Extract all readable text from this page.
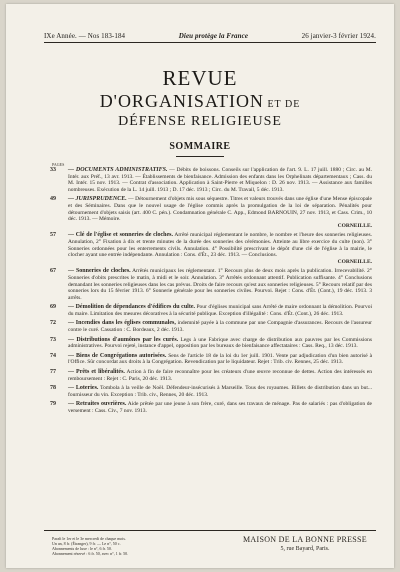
IXe Année. — Nos 183-184	Dieu protège la France	26 janvier-3 février 1924.
REVUE
D'ORGANISATION ET DE
DÉFENSE RELIGIEUSE
SOMMAIRE
PAGES
33 — DOCUMENTS ADMINISTRATIFS. — Débits de boissons. Conseils sur l'application de l'art. 9. L. 17 juill. 1880 ; Circ. au M. Intér. aux Préf., 13 avr. 1913. — Établissements de bienfaisance. Admission des enfants dans les Orphelinats départementaux ; Cass. du M. Intér. 15 nov. 1913. — Contrat d'association. Application à Saint-Pierre et Miquelon : D. 26 nov. 1913. — Assistance aux familles nombreuses. Exécution de la L. 14 juill. 1913 ; D. 17 déc. 1913 ; Circ. du M. Travail, 5 déc. 1913.
49 — JURISPRUDENCE. — Détournement d'objets mis sous séquestre. Titres et valeurs trouvés dans une église d'une Mense épiscopale et des Séminaires. Dans que le nouvel usage de l'église commis après la promulgation de la loi de séparation. Pénalités pour détournement d'objets saisis (art. 400 C. pén.). Condamnation générale C. App., Edmond BARNOUIN, 27 nov. 1913, et Cass. Crim., 10 déc. 1913. — Mémoire.
CORNEILLE.
57 — Clé de l'église et sonneries de cloches. Arrêté municipal réglementant le nombre, le nombre et l'heure des sonneries religieuses. Annulation, 2° Fixation à dix et trente minutes de la durée des sonneries des cérémonies. Atteinte au libre exercice du culte (non). 3° Sonneries ordonnées pour les enterrements civils. Annulation. 4° Possibilité prescrivant le dépôt d'une clé de l'église à la mairie, le clocher ayant une entrée indépendante. Annulation : Cons. d'Ét., 23 déc. 1913. — Conclusions.
CORNEILLE.
67 — Sonneries de cloches. Arrêtés municipaux les réglementant. 1° Recours plus de deux mois après la publication. Irrecevabilité. 2° Sonneries d'obits prescrites le matin, à midi et le soir. Annulation. 3° Arrêtés ordonnant attentif. Publication suffisante. 4° Conclusions demandant les sonneries religieuses dans les cas prévus. Droits de faire recours qu'est aux sonneries religieuses. 5° Recours relatif par des sonneries lors du 15 février 1913. 6° Sonnerie générale pour les sonneries civiles. Pourvoi. Rejet : Cons. d'Ét. (Cont.), 19 déc. 1913. 3 arrêts.
69 — Démolition de dépendances d'édifices du culte. Pour d'églises municipal sans Arrêté de maire ordonnant la démolition. Pourvoi du maire. Limitation des mesures décoratives à la sécurité publique. Exception d'illégalité : Cons. d'Ét. (Cont.), 26 déc. 1913.
72 — Incendies dans les églises communales, indemnité payée à la commune par une Compagnie d'assurances. Recours de l'assureur contre le curé. Cassation : C. Bordeaux, 2 déc. 1913.
73 — Distributions d'aumônes par les curés. Legs à une Fabrique avec charge de distribution aux pauvres par les Commissions administratives. Pourvoi rejeté, instance d'appel, opposition par les bureaux de bienfaisance affectataires : Cass. Req., 13 déc. 1913.
74 — Biens de Congrégations autorisées. Sens de l'article 18 de la loi du 1er juill. 1901. Vente par adjudication d'un bien autorisé à l'Office. Sûr concordat aux droits à la Congrégation. Revendication par le liquidateur. Rejet : Trib. civ. Rennes, 25 déc. 1913.
77 — Prêts et libéralités. Action à fin de faire reconnaître pour les créateurs d'une œuvre reconnue de dettes. Action des intéressés en remboursement : Rejet : C. Paris, 20 déc. 1913.
78 — Loteries. Tombola à la veille de Noël. Défendeur-insécurisés à Marseille. Tous des royaumes. Billets de distribution dans un but... fournisseur du vin. Exception : Trib. civ., Rennes, 20 déc. 1913.
79 — Retraites ouvrières. Aide prêtée par une jeune à son frère, curé, dans ses travaux de ménage. Pas de salariés : pas d'obligation de versement : Cass. Civ., 7 nov. 1913.
Paraît le 1er et le 3e mercredi de chaque mois.
Un an, 8 fr. (Étranger), 9 fr. — Le n°, 50 c.
Abonnements de luxe : le n°, 6 fr. 50.
Abonnement réservé : 6 fr. 50, avec n°, 1 fr. 50.
MAISON DE LA BONNE PRESSE
5, rue Bayard, Paris.
